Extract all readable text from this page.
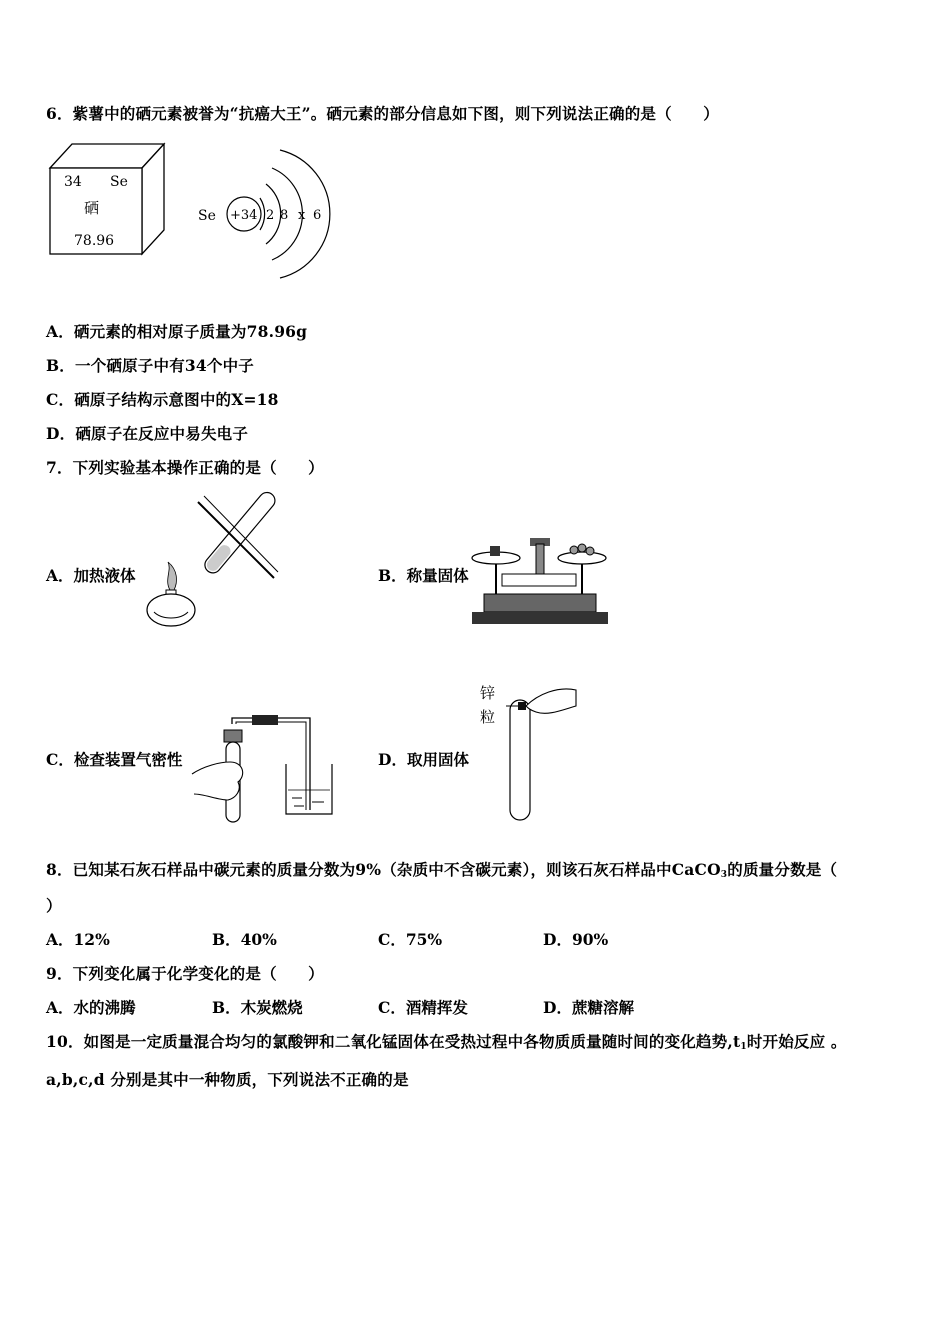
6．紫薯中的硒元素被誉为“抗癌大王”。硒元素的部分信息如下图，则下列说法正确的是（　　）
34 Se
硒
78.96
Se +34 2 8 x 6
A．硒元素的相对原子质量为78.96g
B．一个硒原子中有34个中子
C．硒原子结构示意图中的X=18
D．硒原子在反应中易失电子
7．下列实验基本操作正确的是（　　）
A．加热液体	B．称量固体
C．检查装置气密性
锌
粒
D．取用固体
8．已知某石灰石样品中碳元素的质量分数为9%（杂质中不含碳元素），则该石灰石样品中CaCO$_3$的质量分数是（
）
A．12%	B．40%	C．75%	D．90%
9．下列变化属于化学变化的是（　　）
A．水的沸腾	B．木炭燃烧	C．酒精挥发	D．蔗糖溶解
10．如图是一定质量混合均匀的氯酸钾和二氧化锰固体在受热过程中各物质质量随时间的变化趋势$,t_1$时开始反应 。
a,b,c,d 分别是其中一种物质，下列说法不正确的是
